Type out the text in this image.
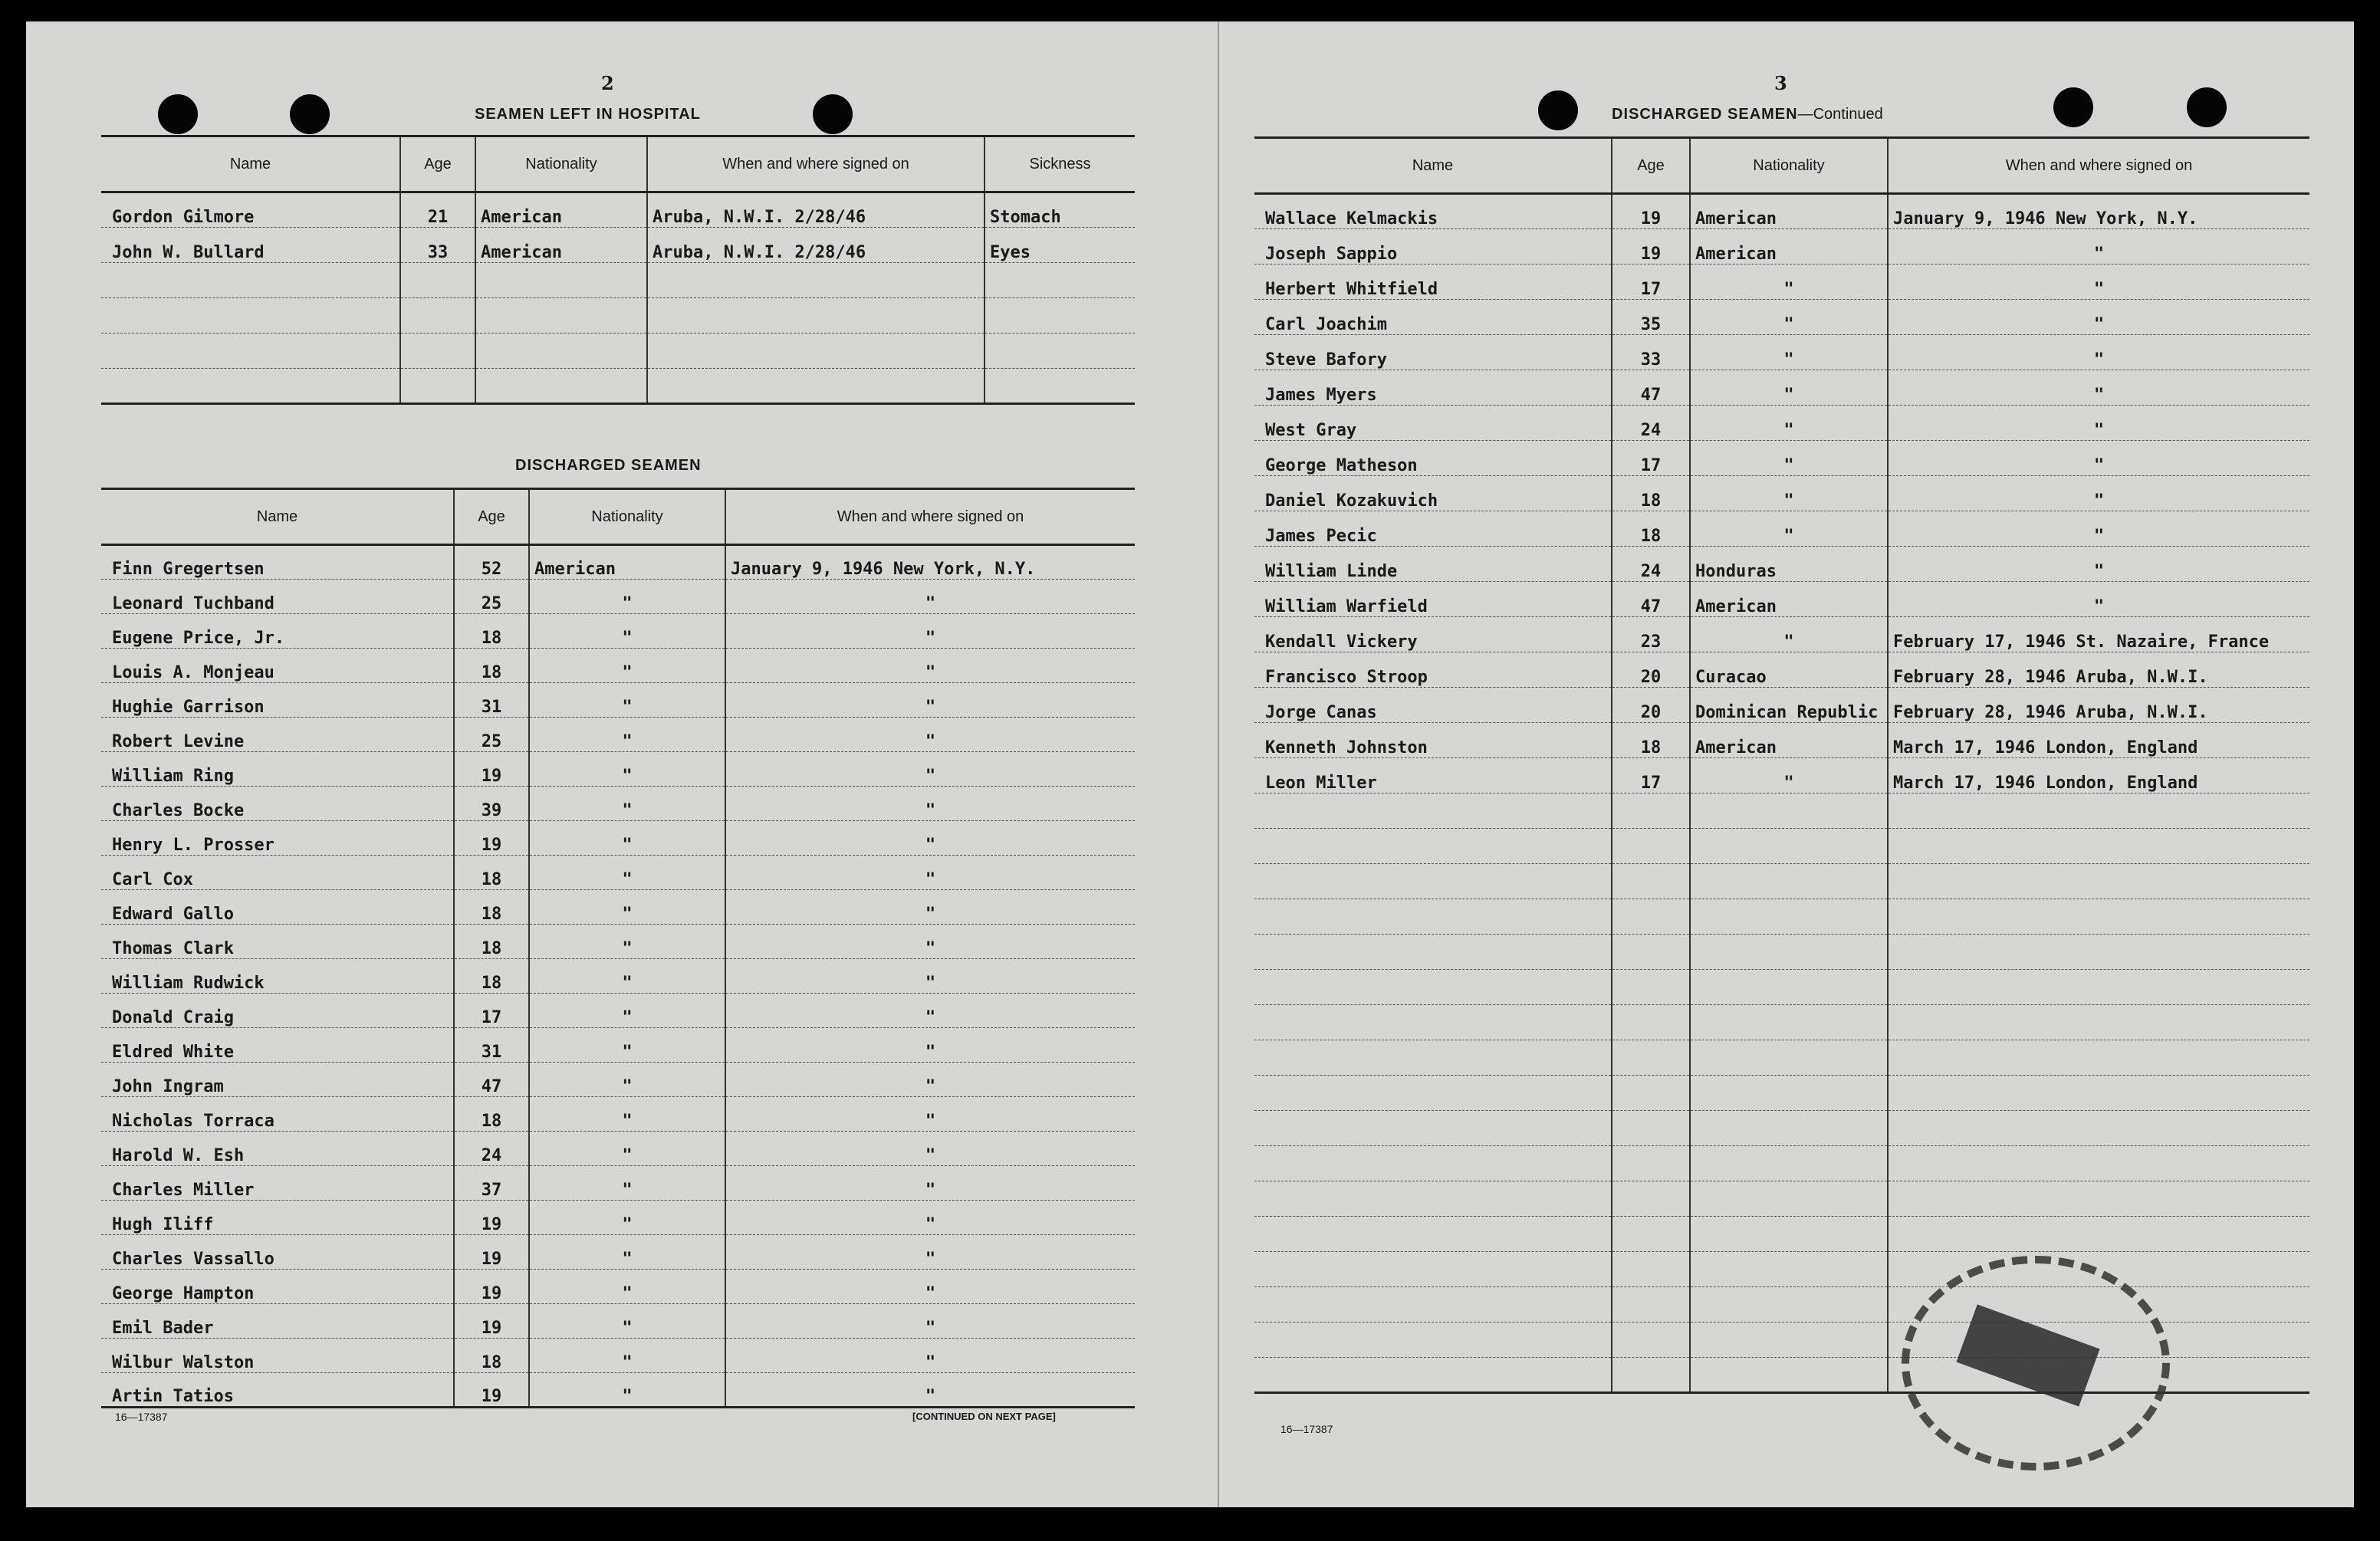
2
SEAMEN LEFT IN HOSPITAL
Name	Age	Nationality	When and where signed on	Sickness
Gordon Gilmore	21	American	Aruba, N.W.I. 2/28/46	Stomach
John W. Bullard	33	American	Aruba, N.W.I. 2/28/46	Eyes

DISCHARGED SEAMEN
Name	Age	Nationality	When and where signed on
Finn Gregertsen	52	American	January 9, 1946 New York, N.Y.
Leonard Tuchband	25	"	"
Eugene Price, Jr.	18	"	"
Louis A. Monjeau	18	"	"
Hughie Garrison	31	"	"
Robert Levine	25	"	"
William Ring	19	"	"
Charles Bocke	39	"	"
Henry L. Prosser	19	"	"
Carl Cox	18	"	"
Edward Gallo	18	"	"
Thomas Clark	18	"	"
William Rudwick	18	"	"
Donald Craig	17	"	"
Eldred White	31	"	"
John Ingram	47	"	"
Nicholas Torraca	18	"	"
Harold W. Esh	24	"	"
Charles Miller	37	"	"
Hugh Iliff	19	"	"
Charles Vassallo	19	"	"
George Hampton	19	"	"
Emil Bader	19	"	"
Wilbur Walston	18	"	"
Artin Tatios	19	"	"
16—17387	[CONTINUED ON NEXT PAGE]
3
DISCHARGED SEAMEN—Continued
Name	Age	Nationality	When and where signed on
Wallace Kelmackis	19	American	January 9, 1946 New York, N.Y.
Joseph Sappio	19	American	"
Herbert Whitfield	17	"	"
Carl Joachim	35	"	"
Steve Bafory	33	"	"
James Myers	47	"	"
West Gray	24	"	"
George Matheson	17	"	"
Daniel Kozakuvich	18	"	"
James Pecic	18	"	"
William Linde	24	Honduras	"
William Warfield	47	American	"
Kendall Vickery	23	"	February 17, 1946 St. Nazaire, France
Francisco Stroop	20	Curacao	February 28, 1946 Aruba, N.W.I.
Jorge Canas	20	Dominican Republic	February 28, 1946 Aruba, N.W.I.
Kenneth Johnston	18	American	March 17, 1946 London, England
Leon Miller	17	"	March 17, 1946 London, England

16—17387
